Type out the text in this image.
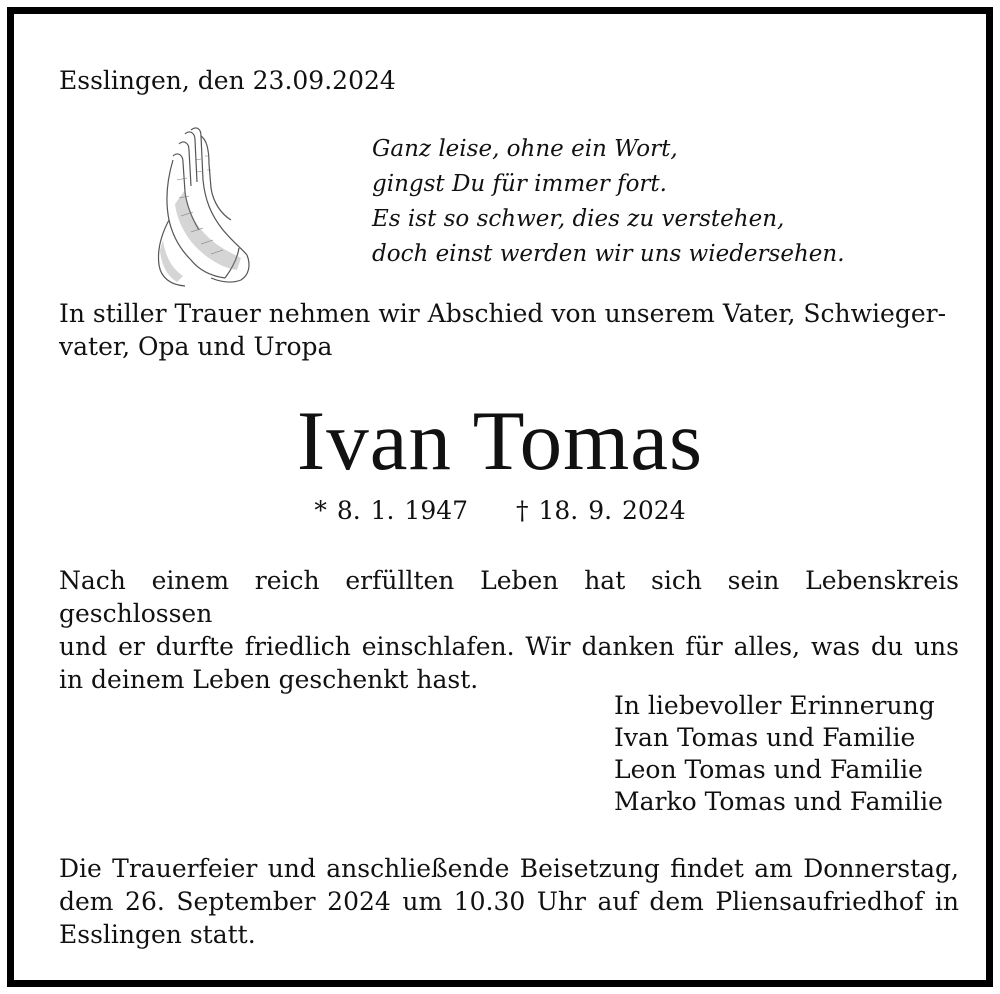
Esslingen, den 23.09.2024
Ganz leise, ohne ein Wort,
gingst Du für immer fort.
Es ist so schwer, dies zu verstehen,
doch einst werden wir uns wiedersehen.
In stiller Trauer nehmen wir Abschied von unserem Vater, Schwieger-
vater, Opa und Uropa
Ivan Tomas
* 8. 1. 1947 † 18. 9. 2024
Nach einem reich erfüllten Leben hat sich sein Lebenskreis geschlossen
und er durfte friedlich einschlafen. Wir danken für alles, was du uns
in deinem Leben geschenkt hast.
In liebevoller Erinnerung
Ivan Tomas und Familie
Leon Tomas und Familie
Marko Tomas und Familie
Die Trauerfeier und anschließende Beisetzung findet am Donnerstag,
dem 26. September 2024 um 10.30 Uhr auf dem Pliensaufriedhof in
Esslingen statt.
